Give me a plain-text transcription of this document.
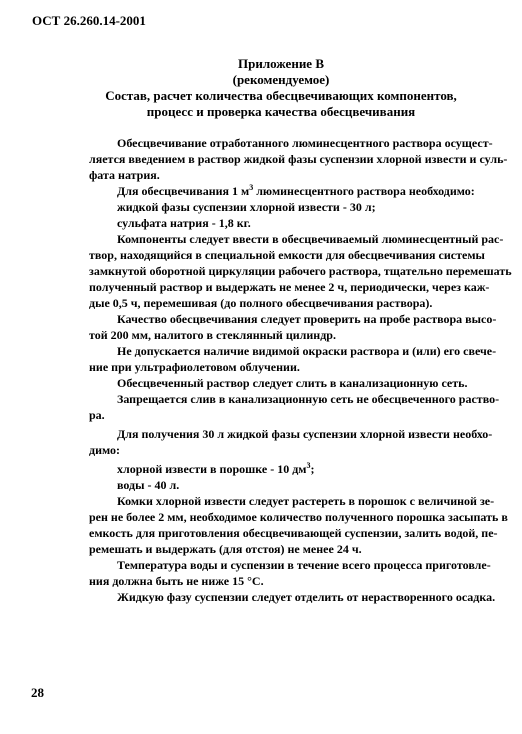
ОСТ 26.260.14-2001
Приложение В
(рекомендуемое)
Состав, расчет количества обесцвечивающих компонентов,
процесс и проверка качества обесцвечивания
Обесцвечивание отработанного люминесцентного раствора осущест-
ляется введением в раствор жидкой фазы суспензии хлорной извести и суль-
фата натрия.
Для обесцвечивания 1 $м^3$ люминесцентного раствора необходимо:
жидкой фазы суспензии хлорной извести - 30 л;
сульфата натрия - 1,8 кг.
Компоненты следует ввести в обесцвечиваемый люминесцентный рас-
твор, находящийся в специальной емкости для обесцвечивания системы
замкнутой оборотной циркуляции рабочего раствора, тщательно перемешать
полученный раствор и выдержать не менее 2 ч, периодически, через каж-
дые 0,5 ч, перемешивая (до полного обесцвечивания раствора).
Качество обесцвечивания следует проверить на пробе раствора высо-
той 200 мм, налитого в стеклянный цилиндр.
Не допускается наличие видимой окраски раствора и (или) его свече-
ние при ультрафиолетовом облучении.
Обесцвеченный раствор следует слить в канализационную сеть.
Запрещается слив в канализационную сеть не обесцвеченного раство-
ра.
Для получения 30 л жидкой фазы суспензии хлорной извести необхо-
димо:
хлорной извести в порошке - 10 $дм^3$;
воды - 40 л.
Комки хлорной извести следует растереть в порошок с величиной зе-
рен не более 2 мм, необходимое количество полученного порошка засыпать в
емкость для приготовления обесцвечивающей суспензии, залить водой, пе-
ремешать и выдержать (для отстоя) не менее 24 ч.
Температура воды и суспензии в течение всего процесса приготовле-
ния должна быть не ниже 15 °С.
Жидкую фазу суспензии следует отделить от нерастворенного осадка.
28
